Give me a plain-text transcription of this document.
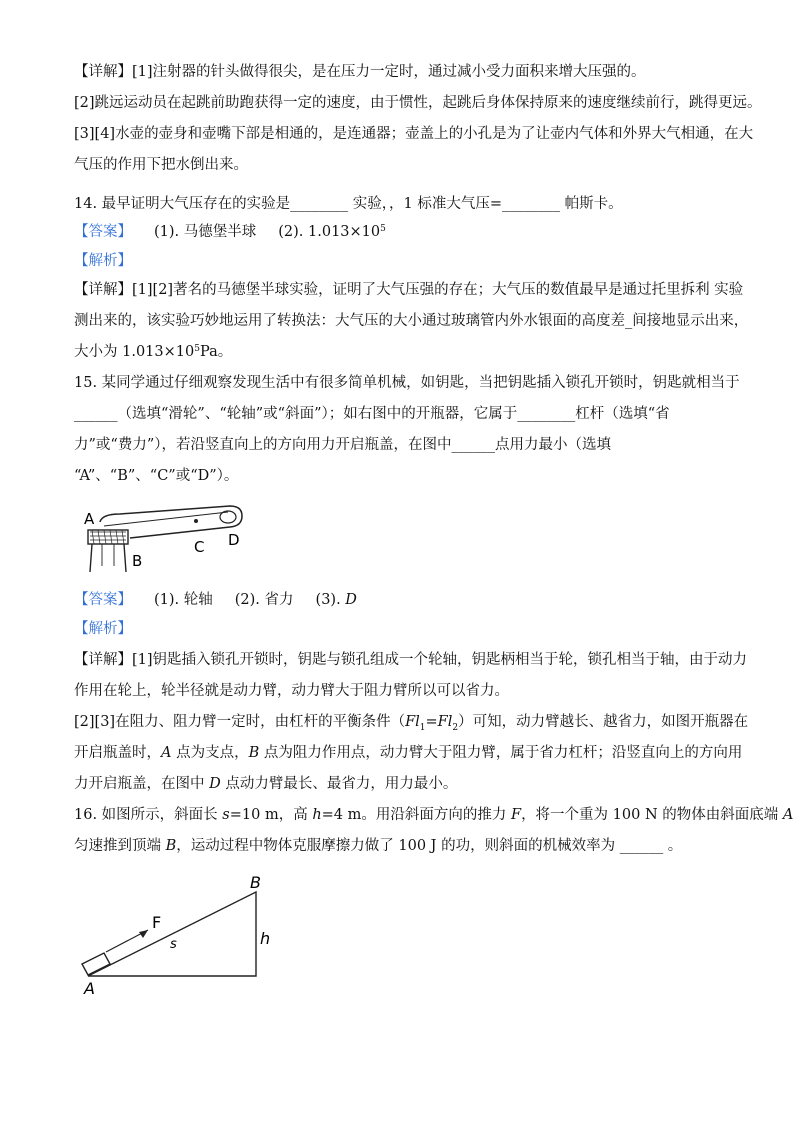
【详解】[1]注射器的针头做得很尖，是在压力一定时，通过减小受力面积来增大压强的。
[2]跳远运动员在起跳前助跑获得一定的速度，由于惯性，起跳后身体保持原来的速度继续前行，跳得更远。
[3][4]水壶的壶身和壶嘴下部是相通的，是连通器；壶盖上的小孔是为了让壶内气体和外界大气相通，在大
气压的作用下把水倒出来。
14. 最早证明大气压存在的实验是________ 实验，，1 标准大气压=________ 帕斯卡。
【答案】 (1). 马德堡半球 (2). $1.013\times 10^5$
【解析】
【详解】[1][2]著名的马德堡半球实验，证明了大气压强的存在；大气压的数值最早是通过托里拆利 实验
测出来的，该实验巧妙地运用了转换法：大气压的大小通过玻璃管内外水银面的高度差_间接地显示出来，
大小为 $1.013\times 10^5Pa$。
15. 某同学通过仔细观察发现生活中有很多简单机械，如钥匙，当把钥匙插入锁孔开锁时，钥匙就相当于
______（选填“滑轮”、“轮轴”或“斜面”）；如右图中的开瓶器，它属于________杠杆（选填“省
力”或“费力”），若沿竖直向上的方向用力开启瓶盖，在图中______点用力最小（选填
“A”、“B”、“C”或“D”）。
A
B
C D
【答案】 (1). 轮轴 (2). 省力 (3). D
【解析】
【详解】[1]钥匙插入锁孔开锁时，钥匙与锁孔组成一个轮轴，钥匙柄相当于轮，锁孔相当于轴，由于动力
作用在轮上，轮半径就是动力臂，动力臂大于阻力臂所以可以省力。
[2][3]在阻力、阻力臂一定时，由杠杆的平衡条件$(Fl_1=Fl_2)$可知，动力臂越长、越省力，如图开瓶器在
开启瓶盖时，A 点为支点，B 点为阻力作用点，动力臂大于阻力臂，属于省力杠杆；沿竖直向上的方向用
力开启瓶盖，在图中 D 点动力臂最长、最省力，用力最小。
16. 如图所示，斜面长 s=10 m，高 h=4 m。用沿斜面方向的推力 F，将一个重为 100 N 的物体由斜面底端 A
匀速推到顶端 B，运动过程中物体克服摩擦力做了 100 J 的功，则斜面的机械效率为 ______ 。
F
s	h
B
A
